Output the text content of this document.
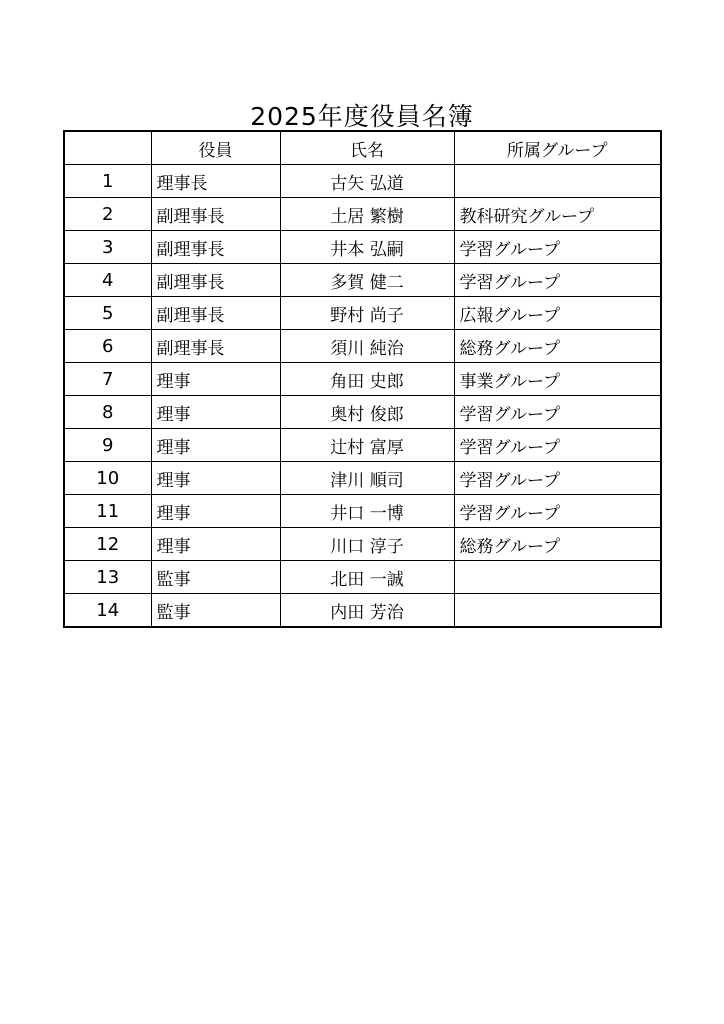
2025年度役員名簿
	役員	氏名	所属グループ
1	理事長	古矢 弘道	
2	副理事長	土居 繁樹	教科研究グループ
3	副理事長	井本 弘嗣	学習グループ
4	副理事長	多賀 健二	学習グループ
5	副理事長	野村 尚子	広報グループ
6	副理事長	須川 純治	総務グループ
7	理事	角田 史郎	事業グループ
8	理事	奥村 俊郎	学習グループ
9	理事	辻村 富厚	学習グループ
10	理事	津川 順司	学習グループ
11	理事	井口 一博	学習グループ
12	理事	川口 淳子	総務グループ
13	監事	北田 一誠	
14	監事	内田 芳治	
